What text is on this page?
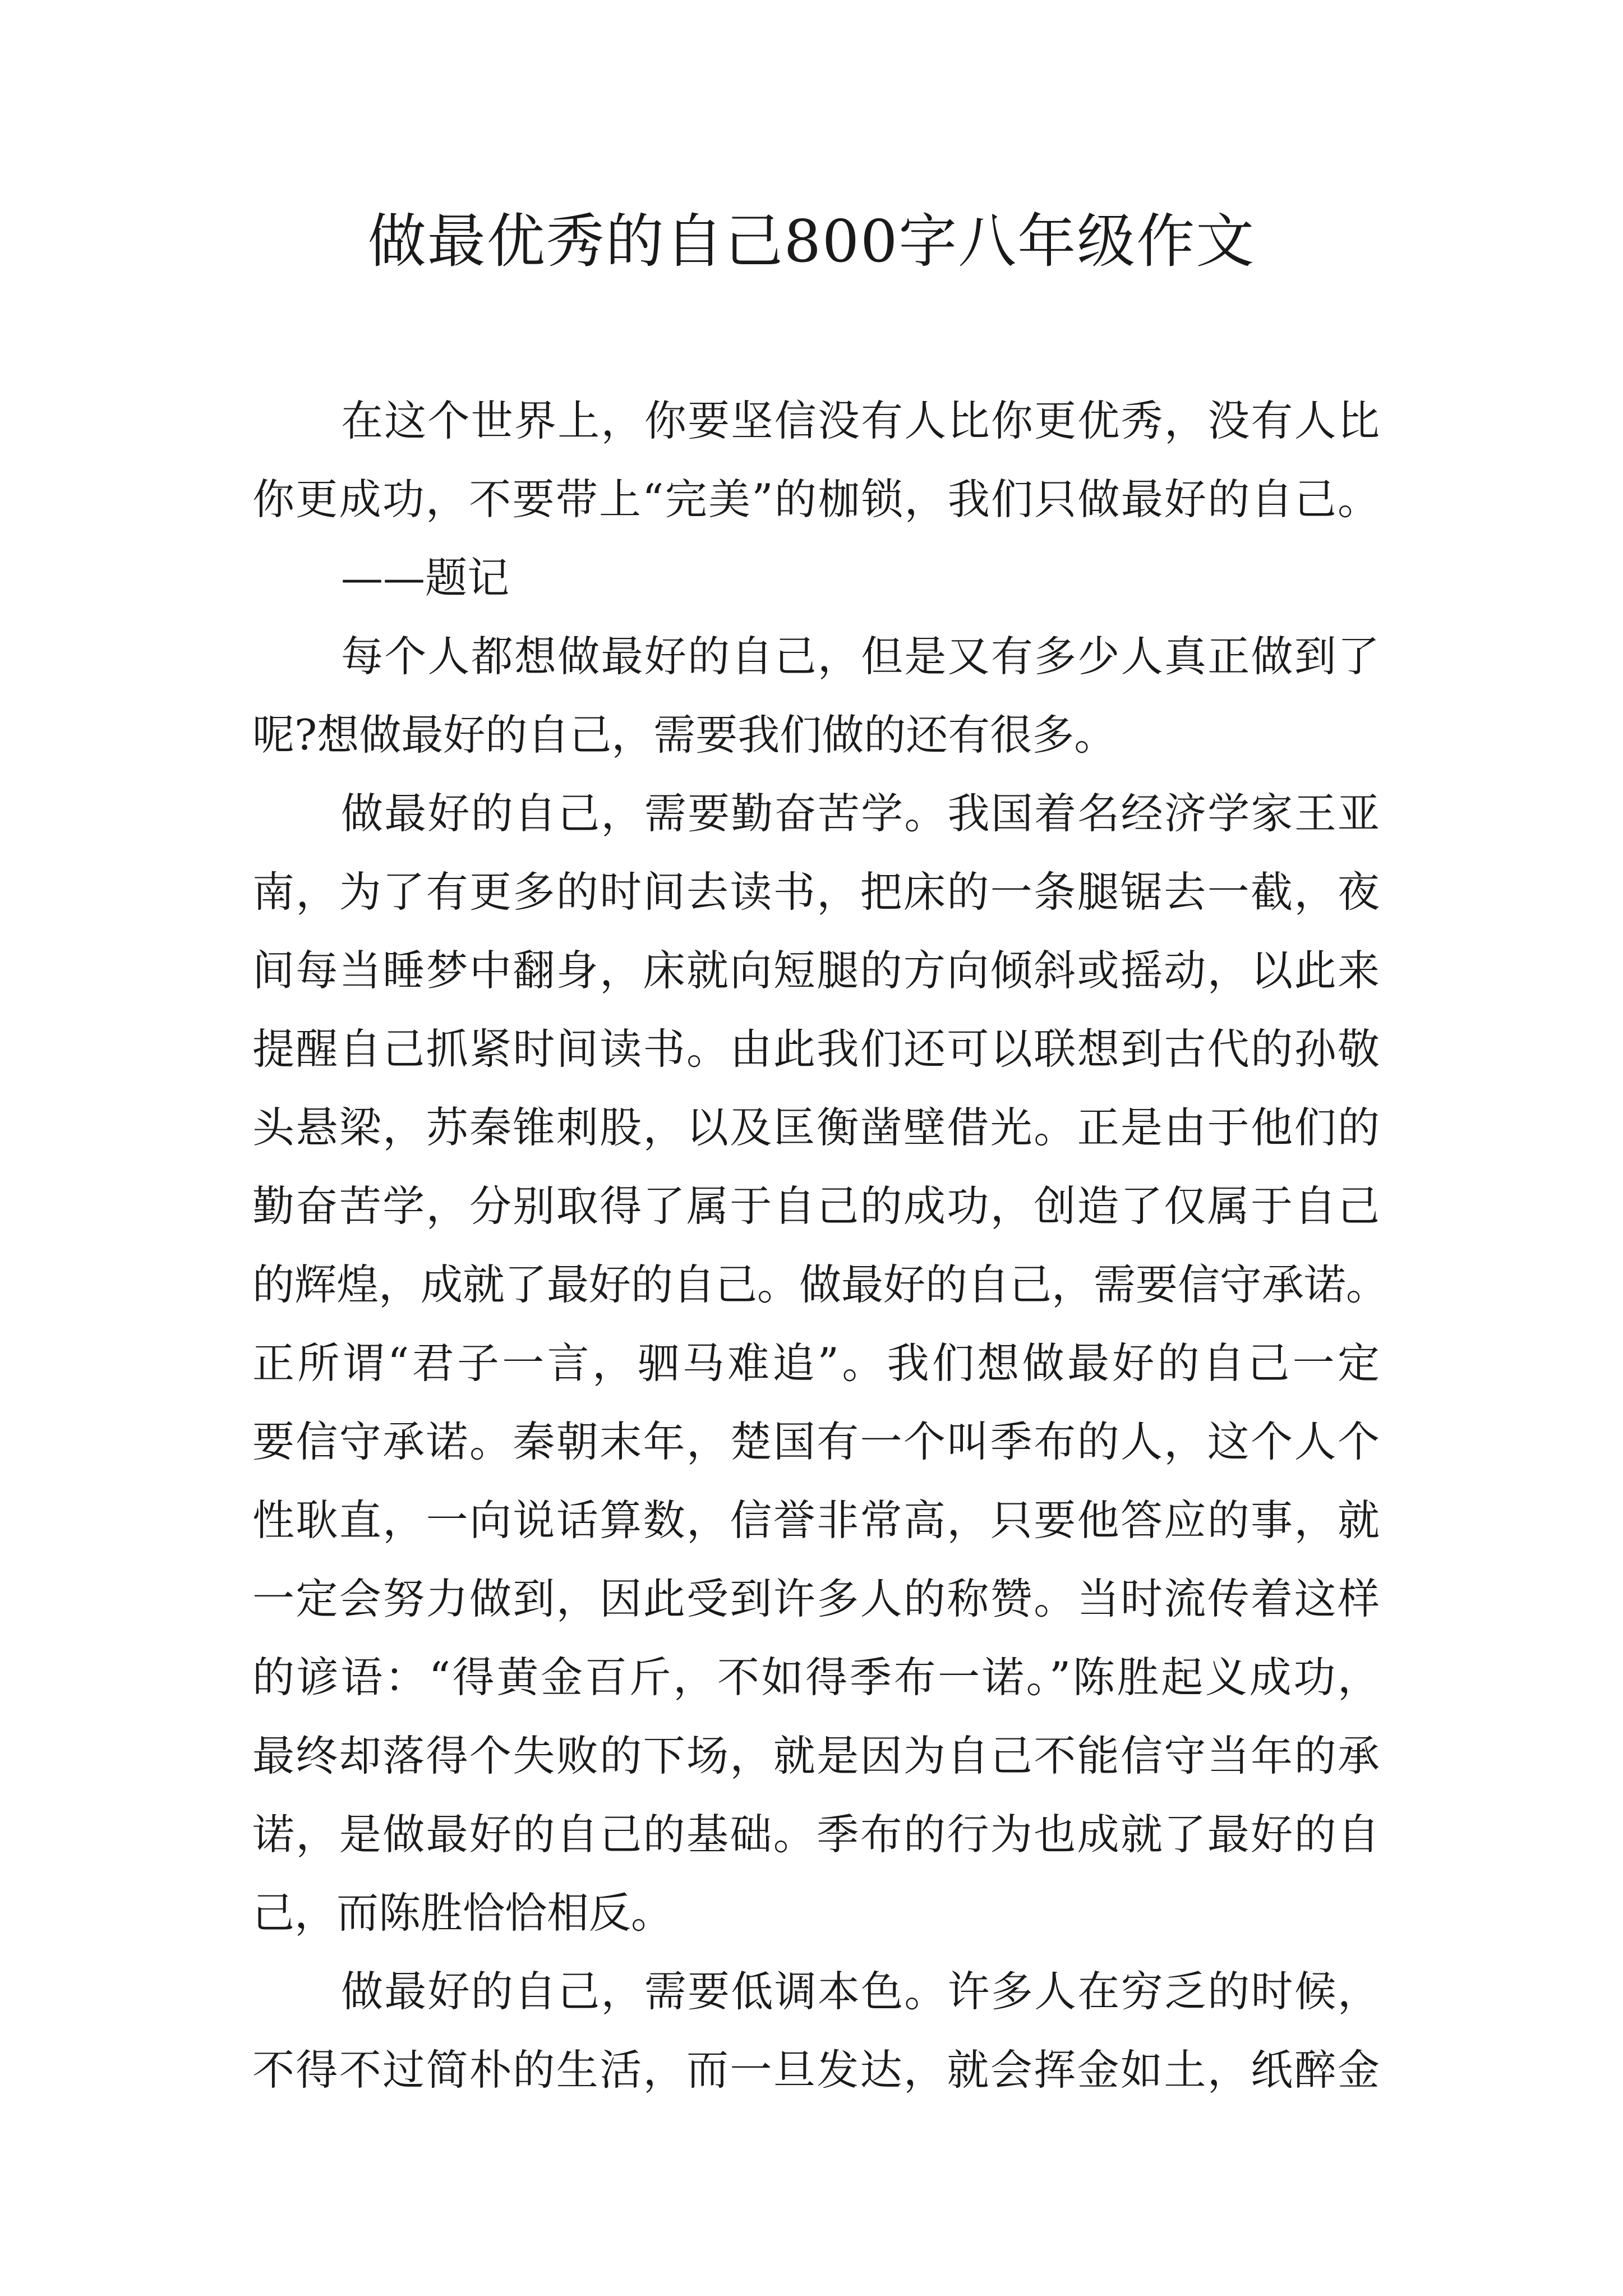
做最优秀的自己800字八年级作文
在这个世界上，你要坚信没有人比你更优秀，没有人比
你更成功，不要带上“完美”的枷锁，我们只做最好的自己。
——题记
每个人都想做最好的自己，但是又有多少人真正做到了
呢?想做最好的自己，需要我们做的还有很多。
做最好的自己，需要勤奋苦学。我国着名经济学家王亚
南，为了有更多的时间去读书，把床的一条腿锯去一截，夜
间每当睡梦中翻身，床就向短腿的方向倾斜或摇动，以此来
提醒自己抓紧时间读书。由此我们还可以联想到古代的孙敬
头悬梁，苏秦锥刺股，以及匡衡凿壁借光。正是由于他们的
勤奋苦学，分别取得了属于自己的成功，创造了仅属于自己
的辉煌，成就了最好的自己。做最好的自己，需要信守承诺。
正所谓“君子一言，驷马难追”。我们想做最好的自己一定
要信守承诺。秦朝末年，楚国有一个叫季布的人，这个人个
性耿直，一向说话算数，信誉非常高，只要他答应的事，就
一定会努力做到，因此受到许多人的称赞。当时流传着这样
的谚语：“得黄金百斤，不如得季布一诺。”陈胜起义成功，
最终却落得个失败的下场，就是因为自己不能信守当年的承
诺，是做最好的自己的基础。季布的行为也成就了最好的自
己，而陈胜恰恰相反。
做最好的自己，需要低调本色。许多人在穷乏的时候，
不得不过简朴的生活，而一旦发达，就会挥金如土，纸醉金
